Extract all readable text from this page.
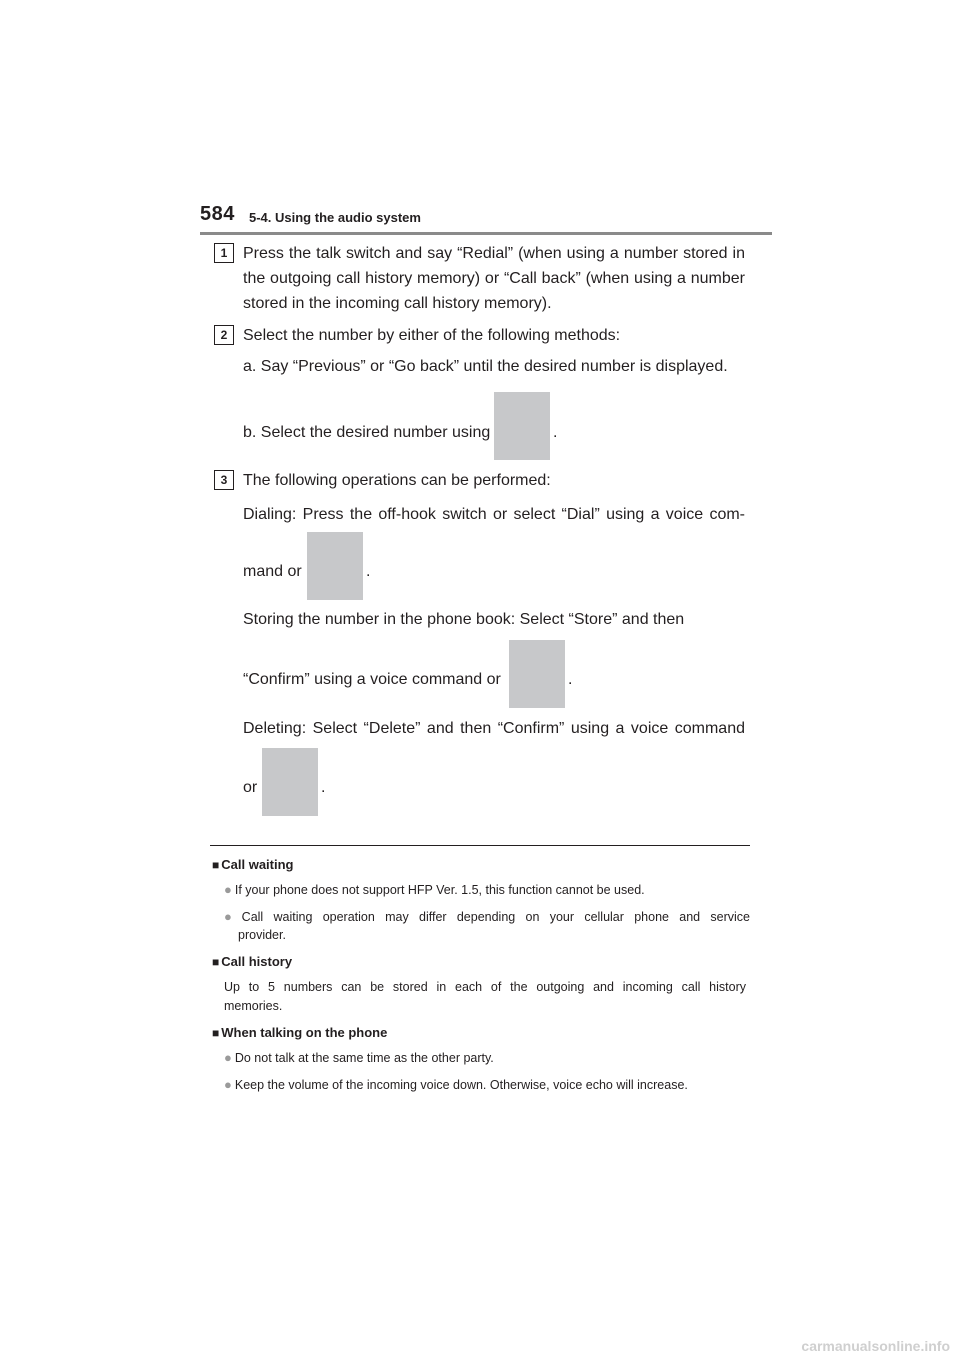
584 5-4. Using the audio system
1 Press the talk switch and say “Redial” (when using a number stored in
the outgoing call history memory) or “Call back” (when using a number
stored in the incoming call history memory).
2 Select the number by either of the following methods:
a. Say “Previous” or “Go back” until the desired number is displayed.
b. Select the desired number using	.
3 The following operations can be performed:
Dialing: Press the off-hook switch or select “Dial” using a voice com-
mand or	.
Storing the number in the phone book: Select “Store” and then
“Confirm” using a voice command or	.
Deleting: Select “Delete” and then “Confirm” using a voice command
or	.
■ Call waiting
● If your phone does not support HFP Ver. 1.5, this function cannot be used.
● Call waiting operation may differ depending on your cellular phone and service
provider.
■ Call history
Up to 5 numbers can be stored in each of the outgoing and incoming call history
memories.
■ When talking on the phone
● Do not talk at the same time as the other party.
● Keep the volume of the incoming voice down. Otherwise, voice echo will increase.
carmanualsonline.info
